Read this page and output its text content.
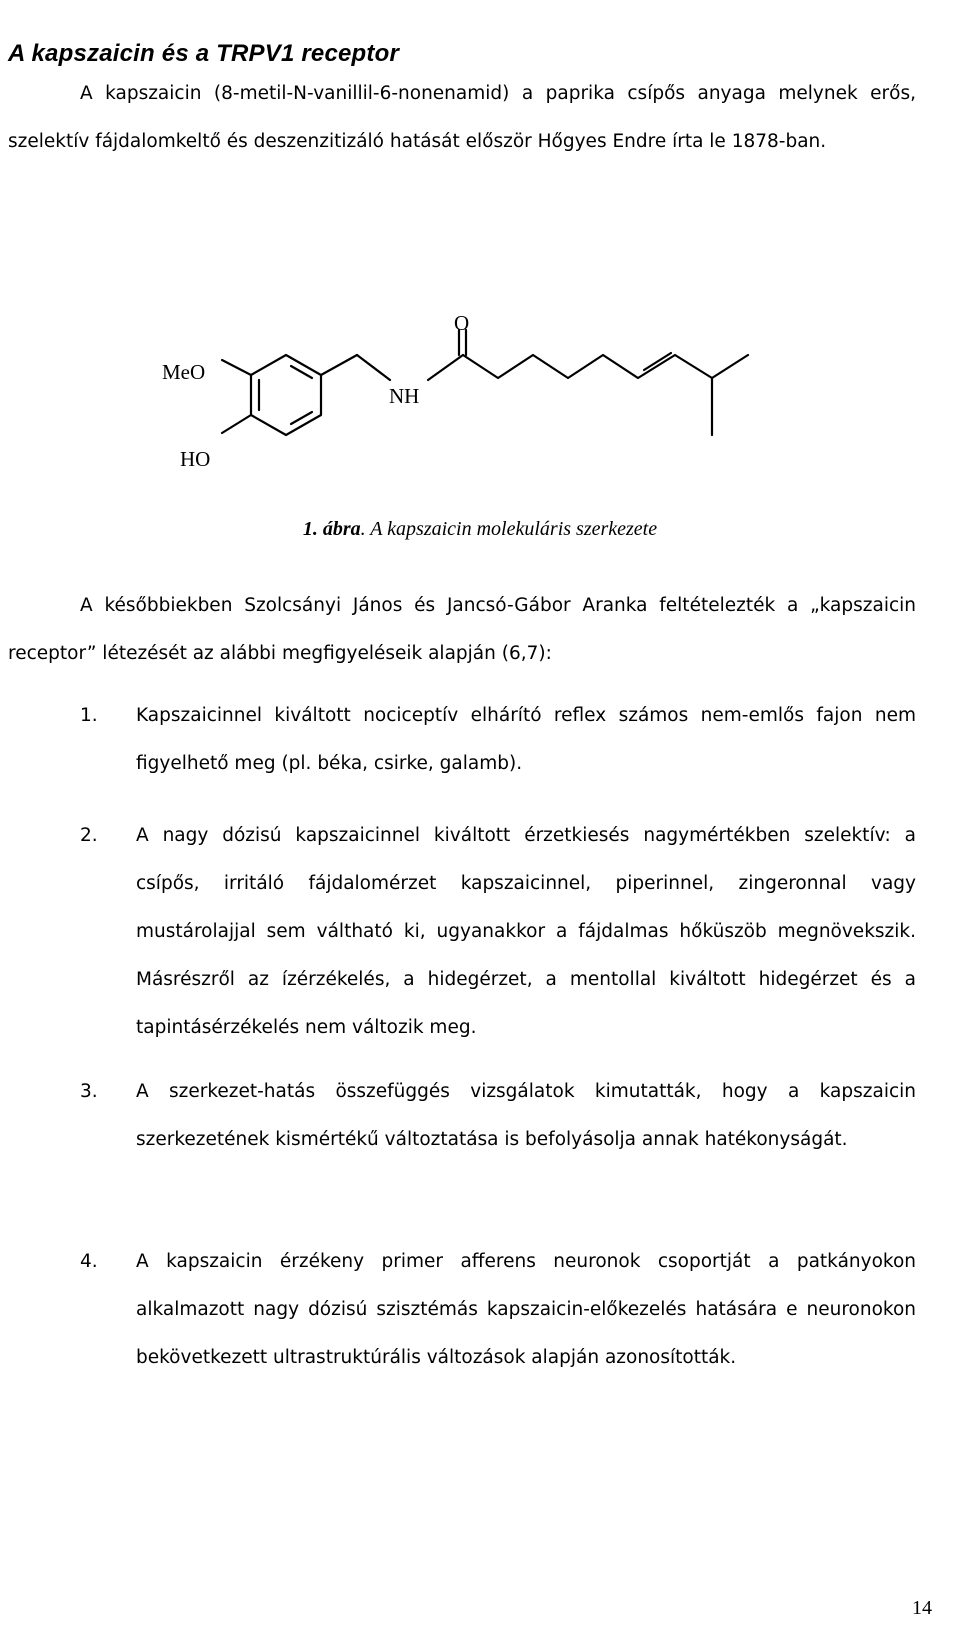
A kapszaicin és a TRPV1 receptor

A kapszaicin (8-metil-N-vanillil-6-nonenamid) a paprika csípős anyaga melynek erős, szelektív fájdalomkeltő és deszenzitizáló hatását először Hőgyes Endre írta le 1878-ban.

MeO
HO
NH
O
1. ábra. A kapszaicin molekuláris szerkezete

A későbbiekben Szolcsányi János és Jancsó-Gábor Aranka feltételezték a „kapszaicin receptor” létezését az alábbi megfigyeléseik alapján (6,7):

1. Kapszaicinnel kiváltott nociceptív elhárító reflex számos nem-emlős fajon nem figyelhető meg (pl. béka, csirke, galamb).
2. A nagy dózisú kapszaicinnel kiváltott érzetkiesés nagymértékben szelektív: a csípős, irritáló fájdalomérzet kapszaicinnel, piperinnel, zingeronnal vagy mustárolajjal sem váltható ki, ugyanakkor a fájdalmas hőküszöb megnövekszik. Másrészről az ízérzékelés, a hidegérzet, a mentollal kiváltott hidegérzet és a tapintásérzékelés nem változik meg.
3. A szerkezet-hatás összefüggés vizsgálatok kimutatták, hogy a kapszaicin szerkezetének kismértékű változtatása is befolyásolja annak hatékonyságát.
4. A kapszaicin érzékeny primer afferens neuronok csoportját a patkányokon alkalmazott nagy dózisú szisztémás kapszaicin-előkezelés hatására e neuronokon bekövetkezett ultrastruktúrális változások alapján azonosították.
14
